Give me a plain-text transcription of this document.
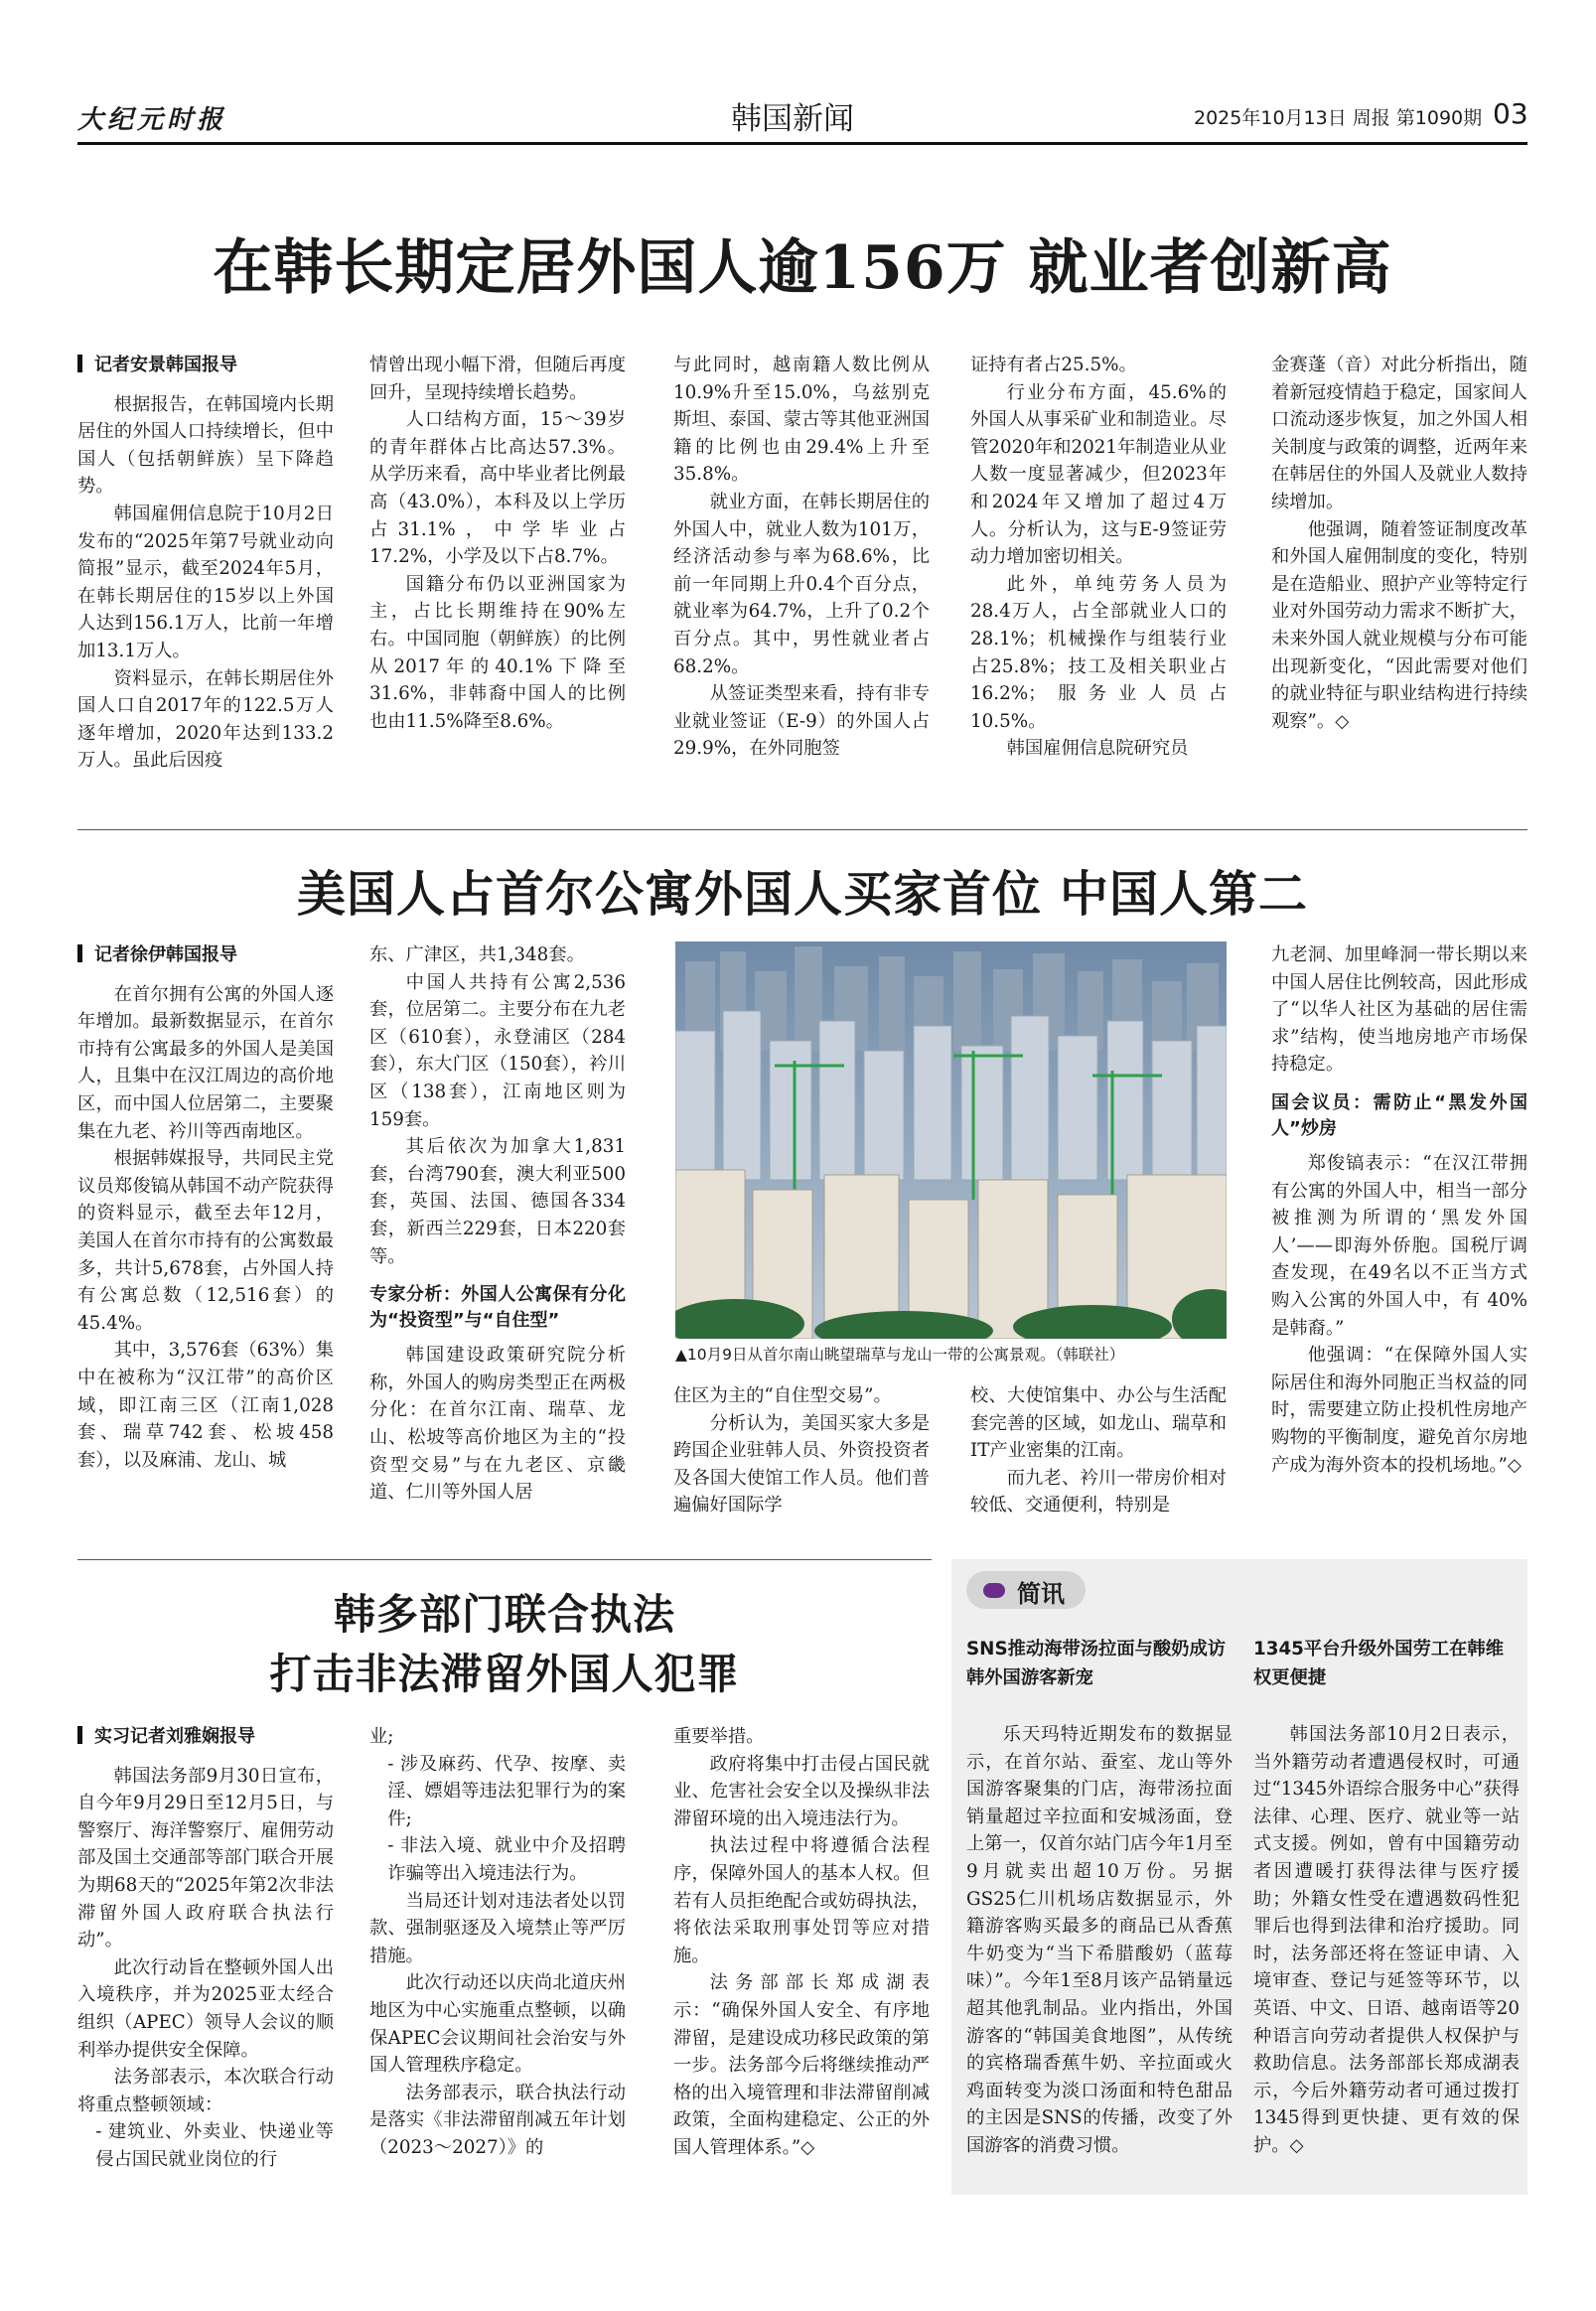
大纪元时报	韩国新闻	2025年10月13日 周报 第1090期 03
在韩长期定居外国人逾156万 就业者创新高

记者安景韩国报导

根据报告，在韩国境内长期居住的外国人口持续增长，但中国人（包括朝鲜族）呈下降趋势。

韩国雇佣信息院于10月2日发布的“2025年第7号就业动向简报”显示，截至2024年5月，在韩长期居住的15岁以上外国人达到156.1万人，比前一年增加13.1万人。

资料显示，在韩长期居住外国人口自2017年的122.5万人逐年增加，2020年达到133.2万人。虽此后因疫

情曾出现小幅下滑，但随后再度回升，呈现持续增长趋势。

人口结构方面，15～39岁的青年群体占比高达57.3%。从学历来看，高中毕业者比例最高（43.0%），本科及以上学历占31.1%，中学毕业占17.2%，小学及以下占8.7%。

国籍分布仍以亚洲国家为主，占比长期维持在90%左右。中国同胞（朝鲜族）的比例从2017年的40.1%下降至31.6%，非韩裔中国人的比例也由11.5%降至8.6%。

与此同时，越南籍人数比例从10.9%升至15.0%，乌兹别克斯坦、泰国、蒙古等其他亚洲国籍的比例也由29.4%上升至35.8%。

就业方面，在韩长期居住的外国人中，就业人数为101万，经济活动参与率为68.6%，比前一年同期上升0.4个百分点，就业率为64.7%，上升了0.2个百分点。其中，男性就业者占68.2%。

从签证类型来看，持有非专业就业签证（E-9）的外国人占29.9%，在外同胞签

证持有者占25.5%。

行业分布方面，45.6%的外国人从事采矿业和制造业。尽管2020年和2021年制造业从业人数一度显著减少，但2023年和2024年又增加了超过4万人。分析认为，这与E-9签证劳动力增加密切相关。

此外，单纯劳务人员为28.4万人，占全部就业人口的28.1%；机械操作与组装行业占25.8%；技工及相关职业占16.2%；服务业人员占10.5%。

韩国雇佣信息院研究员

金赛蓬（音）对此分析指出，随着新冠疫情趋于稳定，国家间人口流动逐步恢复，加之外国人相关制度与政策的调整，近两年来在韩居住的外国人及就业人数持续增加。

他强调，随着签证制度改革和外国人雇佣制度的变化，特别是在造船业、照护产业等特定行业对外国劳动力需求不断扩大，未来外国人就业规模与分布可能出现新变化，“因此需要对他们的就业特征与职业结构进行持续观察”。◇

美国人占首尔公寓外国人买家首位 中国人第二

记者徐伊韩国报导

在首尔拥有公寓的外国人逐年增加。最新数据显示，在首尔市持有公寓最多的外国人是美国人，且集中在汉江周边的高价地区，而中国人位居第二，主要聚集在九老、衿川等西南地区。

根据韩媒报导，共同民主党议员郑俊镐从韩国不动产院获得的资料显示，截至去年12月，美国人在首尔市持有的公寓数最多，共计5,678套，占外国人持有公寓总数（12,516套）的45.4%。

其中，3,576套（63%）集中在被称为“汉江带”的高价区域，即江南三区（江南1,028套、瑞草742套、松坡458套），以及麻浦、龙山、城

东、广津区，共1,348套。

中国人共持有公寓2,536套，位居第二。主要分布在九老区（610套），永登浦区（284套），东大门区（150套），衿川区（138套），江南地区则为159套。

其后依次为加拿大1,831套，台湾790套，澳大利亚500套，英国、法国、德国各334套，新西兰229套，日本220套等。

专家分析：外国人公寓保有分化为“投资型”与“自住型”

韩国建设政策研究院分析称，外国人的购房类型正在两极分化：在首尔江南、瑞草、龙山、松坡等高价地区为主的“投资型交易”与在九老区、京畿道、仁川等外国人居

▲10月9日从首尔南山眺望瑞草与龙山一带的公寓景观。（韩联社）

住区为主的“自住型交易”。

分析认为，美国买家大多是跨国企业驻韩人员、外资投资者及各国大使馆工作人员。他们普遍偏好国际学

校、大使馆集中、办公与生活配套完善的区域，如龙山、瑞草和IT产业密集的江南。

而九老、衿川一带房价相对较低、交通便利，特别是

九老洞、加里峰洞一带长期以来中国人居住比例较高，因此形成了“以华人社区为基础的居住需求”结构，使当地房地产市场保持稳定。

国会议员：需防止“黑发外国人”炒房

郑俊镐表示：“在汉江带拥有公寓的外国人中，相当一部分被推测为所谓的‘黑发外国人’——即海外侨胞。国税厅调查发现，在49名以不正当方式购入公寓的外国人中，有 40% 是韩裔。”

他强调：“在保障外国人实际居住和海外同胞正当权益的同时，需要建立防止投机性房地产购物的平衡制度，避免首尔房地产成为海外资本的投机场地。”◇

韩多部门联合执法
打击非法滞留外国人犯罪

实习记者刘雅娴报导

韩国法务部9月30日宣布，自今年9月29日至12月5日，与警察厅、海洋警察厅、雇佣劳动部及国土交通部等部门联合开展为期68天的“2025年第2次非法滞留外国人政府联合执法行动”。

此次行动旨在整顿外国人出入境秩序，并为2025亚太经合组织（APEC）领导人会议的顺利举办提供安全保障。

法务部表示，本次联合行动将重点整顿领域：

- 建筑业、外卖业、快递业等侵占国民就业岗位的行

业;

- 涉及麻药、代孕、按摩、卖淫、嫖娼等违法犯罪行为的案件;

- 非法入境、就业中介及招聘诈骗等出入境违法行为。

当局还计划对违法者处以罚款、强制驱逐及入境禁止等严厉措施。

此次行动还以庆尚北道庆州地区为中心实施重点整顿，以确保APEC会议期间社会治安与外国人管理秩序稳定。

法务部表示，联合执法行动是落实《非法滞留削减五年计划（2023～2027）》的

重要举措。

政府将集中打击侵占国民就业、危害社会安全以及操纵非法滞留环境的出入境违法行为。

执法过程中将遵循合法程序，保障外国人的基本人权。但若有人员拒绝配合或妨碍执法，将依法采取刑事处罚等应对措施。

法务部部长郑成湖表示：“确保外国人安全、有序地滞留，是建设成功移民政策的第一步。法务部今后将继续推动严格的出入境管理和非法滞留削减政策，全面构建稳定、公正的外国人管理体系。”◇

简讯
SNS推动海带汤拉面与酸奶成访韩外国游客新宠

乐天玛特近期发布的数据显示，在首尔站、蚕室、龙山等外国游客聚集的门店，海带汤拉面销量超过辛拉面和安城汤面，登上第一，仅首尔站门店今年1月至9月就卖出超10万份。另据GS25仁川机场店数据显示，外籍游客购买最多的商品已从香蕉牛奶变为“当下希腊酸奶（蓝莓味）”。今年1至8月该产品销量远超其他乳制品。业内指出，外国游客的“韩国美食地图”，从传统的宾格瑞香蕉牛奶、辛拉面或火鸡面转变为淡口汤面和特色甜品的主因是SNS的传播，改变了外国游客的消费习惯。

1345平台升级外国劳工在韩维权更便捷

韩国法务部10月2日表示，当外籍劳动者遭遇侵权时，可通过“1345外语综合服务中心”获得法律、心理、医疗、就业等一站式支援。例如，曾有中国籍劳动者因遭暖打获得法律与医疗援助；外籍女性受在遭遇数码性犯罪后也得到法律和治疗援助。同时，法务部还将在签证申请、入境审查、登记与延签等环节，以英语、中文、日语、越南语等20种语言向劳动者提供人权保护与救助信息。法务部部长郑成湖表示，今后外籍劳动者可通过拨打1345得到更快捷、更有效的保护。◇
